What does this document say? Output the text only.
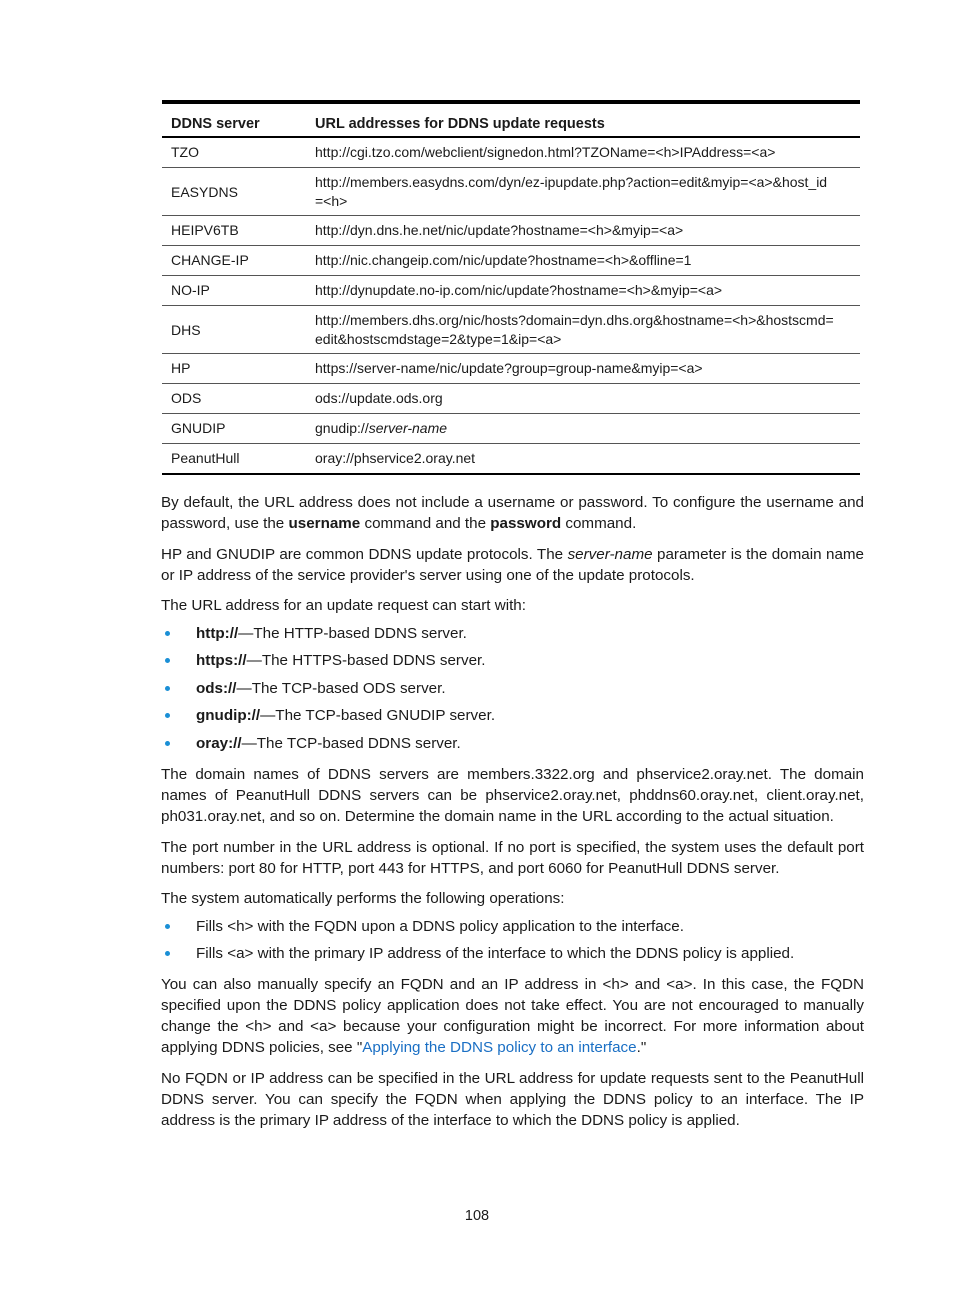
DDNS server	URL addresses for DDNS update requests
TZO	http://cgi.tzo.com/webclient/signedon.html?TZOName=<h>IPAddress=<a>
EASYDNS	http://members.easydns.com/dyn/ez-ipupdate.php?action=edit&myip=<a>&host_id
=<h>
HEIPV6TB	http://dyn.dns.he.net/nic/update?hostname=<h>&myip=<a>
CHANGE-IP	http://nic.changeip.com/nic/update?hostname=<h>&offline=1
NO-IP	http://dynupdate.no-ip.com/nic/update?hostname=<h>&myip=<a>
DHS	http://members.dhs.org/nic/hosts?domain=dyn.dhs.org&hostname=<h>&hostscmd=
edit&hostscmdstage=2&type=1&ip=<a>
HP	https://server-name/nic/update?group=group-name&myip=<a>
ODS	ods://update.ods.org
GNUDIP	gnudip://server-name
PeanutHull	oray://phservice2.oray.net

By default, the URL address does not include a username or password. To configure the username and password, use the username command and the password command.

HP and GNUDIP are common DDNS update protocols. The server-name parameter is the domain name or IP address of the service provider's server using one of the update protocols.

The URL address for an update request can start with:

http://—The HTTP-based DDNS server.
https://—The HTTPS-based DDNS server.
ods://—The TCP-based ODS server.
gnudip://—The TCP-based GNUDIP server.
oray://—The TCP-based DDNS server.

The domain names of DDNS servers are members.3322.org and phservice2.oray.net. The domain names of PeanutHull DDNS servers can be phservice2.oray.net, phddns60.oray.net, client.oray.net, ph031.oray.net, and so on. Determine the domain name in the URL according to the actual situation.

The port number in the URL address is optional. If no port is specified, the system uses the default port numbers: port 80 for HTTP, port 443 for HTTPS, and port 6060 for PeanutHull DDNS server.

The system automatically performs the following operations:

Fills <h> with the FQDN upon a DDNS policy application to the interface.
Fills <a> with the primary IP address of the interface to which the DDNS policy is applied.

You can also manually specify an FQDN and an IP address in <h> and <a>. In this case, the FQDN specified upon the DDNS policy application does not take effect. You are not encouraged to manually change the <h> and <a> because your configuration might be incorrect. For more information about applying DDNS policies, see "Applying the DDNS policy to an interface."

No FQDN or IP address can be specified in the URL address for update requests sent to the PeanutHull DDNS server. You can specify the FQDN when applying the DDNS policy to an interface. The IP address is the primary IP address of the interface to which the DDNS policy is applied.

108
